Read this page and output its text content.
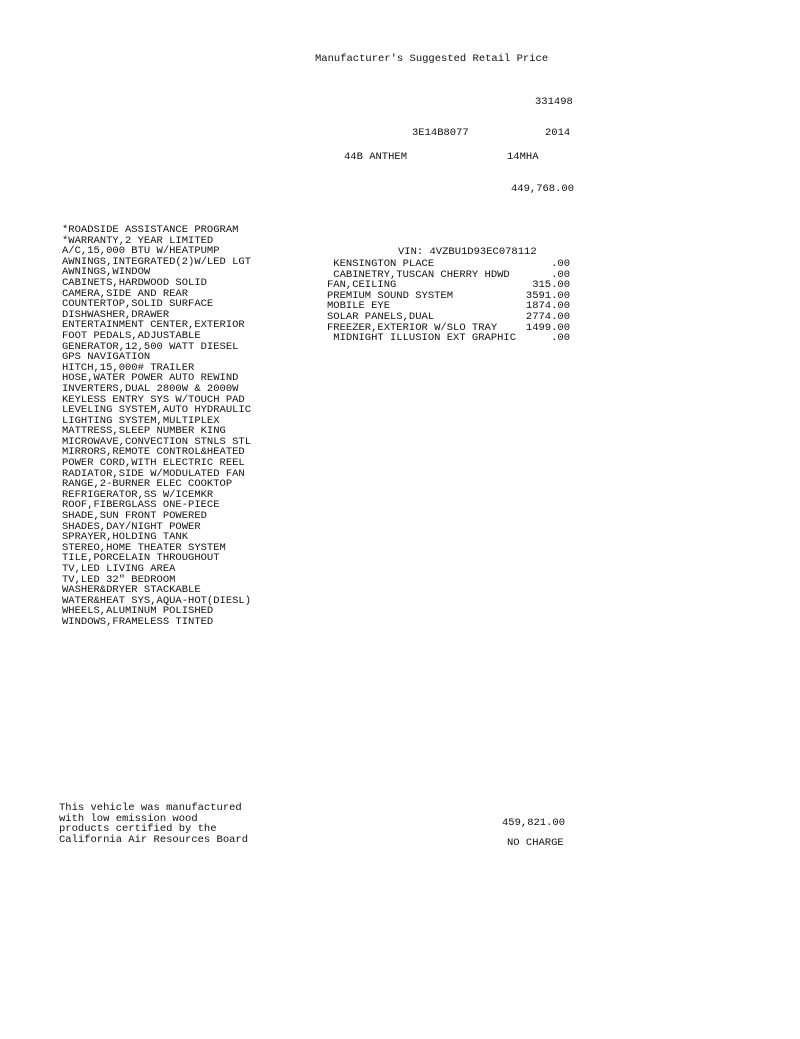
Manufacturer's Suggested Retail Price
331498
3E14B8077	2014
44B ANTHEM	14MHA
449,768.00
*ROADSIDE ASSISTANCE PROGRAM
*WARRANTY,2 YEAR LIMITED
A/C,15,000 BTU W/HEATPUMP
AWNINGS,INTEGRATED(2)W/LED LGT
AWNINGS,WINDOW
CABINETS,HARDWOOD SOLID
CAMERA,SIDE AND REAR
COUNTERTOP,SOLID SURFACE
DISHWASHER,DRAWER
ENTERTAINMENT CENTER,EXTERIOR
FOOT PEDALS,ADJUSTABLE
GENERATOR,12,500 WATT DIESEL
GPS NAVIGATION
HITCH,15,000# TRAILER
HOSE,WATER POWER AUTO REWIND
INVERTERS,DUAL 2800W & 2000W
KEYLESS ENTRY SYS W/TOUCH PAD
LEVELING SYSTEM,AUTO HYDRAULIC
LIGHTING SYSTEM,MULTIPLEX
MATTRESS,SLEEP NUMBER KING
MICROWAVE,CONVECTION STNLS STL
MIRRORS,REMOTE CONTROL&HEATED
POWER CORD,WITH ELECTRIC REEL
RADIATOR,SIDE W/MODULATED FAN
RANGE,2-BURNER ELEC COOKTOP
REFRIGERATOR,SS W/ICEMKR
ROOF,FIBERGLASS ONE-PIECE
SHADE,SUN FRONT POWERED
SHADES,DAY/NIGHT POWER
SPRAYER,HOLDING TANK
STEREO,HOME THEATER SYSTEM
TILE,PORCELAIN THROUGHOUT
TV,LED LIVING AREA
TV,LED 32" BEDROOM
WASHER&DRYER STACKABLE
WATER&HEAT SYS,AQUA-HOT(DIESL)
WHEELS,ALUMINUM POLISHED
WINDOWS,FRAMELESS TINTED
VIN: 4VZBU1D93EC078112
KENSINGTON PLACE
CABINETRY,TUSCAN CHERRY HDWD
FAN,CEILING
PREMIUM SOUND SYSTEM
MOBILE EYE
SOLAR PANELS,DUAL
FREEZER,EXTERIOR W/SLO TRAY
MIDNIGHT ILLUSION EXT GRAPHIC
.00
.00
315.00
3591.00
1874.00
2774.00
1499.00
.00
This vehicle was manufactured
with low emission wood
products certified by the
California Air Resources Board
459,821.00
NO CHARGE
